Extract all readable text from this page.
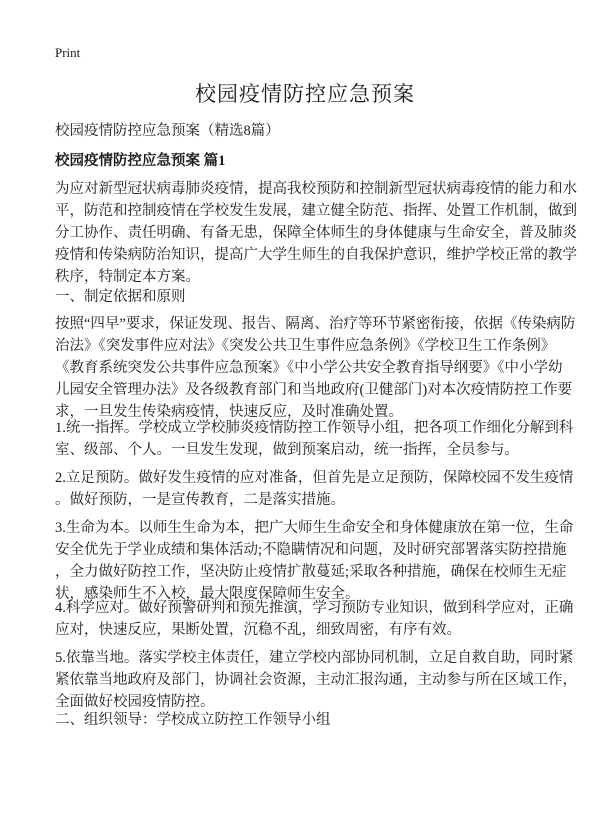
Print
校园疫情防控应急预案
校园疫情防控应急预案（精选8篇）
校园疫情防控应急预案 篇1
为应对新型冠状病毒肺炎疫情，提高我校预防和控制新型冠状病毒疫情的能力和水
平，防范和控制疫情在学校发生发展，建立健全防范、指挥、处置工作机制，做到
分工协作、责任明确、有备无患，保障全体师生的身体健康与生命安全，普及肺炎
疫情和传染病防治知识，提高广大学生师生的自我保护意识，维护学校正常的教学
秩序，特制定本方案。
一、制定依据和原则
按照“四早”要求，保证发现、报告、隔离、治疗等环节紧密衔接，依据《传染病防
治法》《突发事件应对法》《突发公共卫生事件应急条例》《学校卫生工作条例》
《教育系统突发公共事件应急预案》《中小学公共安全教育指导纲要》《中小学幼
儿园安全管理办法》及各级教育部门和当地政府(卫健部门)对本次疫情防控工作要
求，一旦发生传染病疫情，快速反应，及时准确处置。
1.统一指挥。学校成立学校肺炎疫情防控工作领导小组，把各项工作细化分解到科
室、级部、个人。一旦发生发现，做到预案启动，统一指挥，全员参与。
2.立足预防。做好发生疫情的应对准备，但首先是立足预防，保障校园不发生疫情
。做好预防，一是宣传教育，二是落实措施。
3.生命为本。以师生生命为本，把广大师生生命安全和身体健康放在第一位，生命
安全优先于学业成绩和集体活动;不隐瞒情况和问题，及时研究部署落实防控措施
，全力做好防控工作，坚决防止疫情扩散蔓延;采取各种措施，确保在校师生无症
状，感染师生不入校，最大限度保障师生安全。
4.科学应对。做好预警研判和预先推演，学习预防专业知识，做到科学应对，正确
应对，快速反应，果断处置，沉稳不乱，细致周密，有序有效。
5.依靠当地。落实学校主体责任，建立学校内部协同机制，立足自救自助，同时紧
紧依靠当地政府及部门，协调社会资源，主动汇报沟通，主动参与所在区域工作，
全面做好校园疫情防控。
二、组织领导：学校成立防控工作领导小组
